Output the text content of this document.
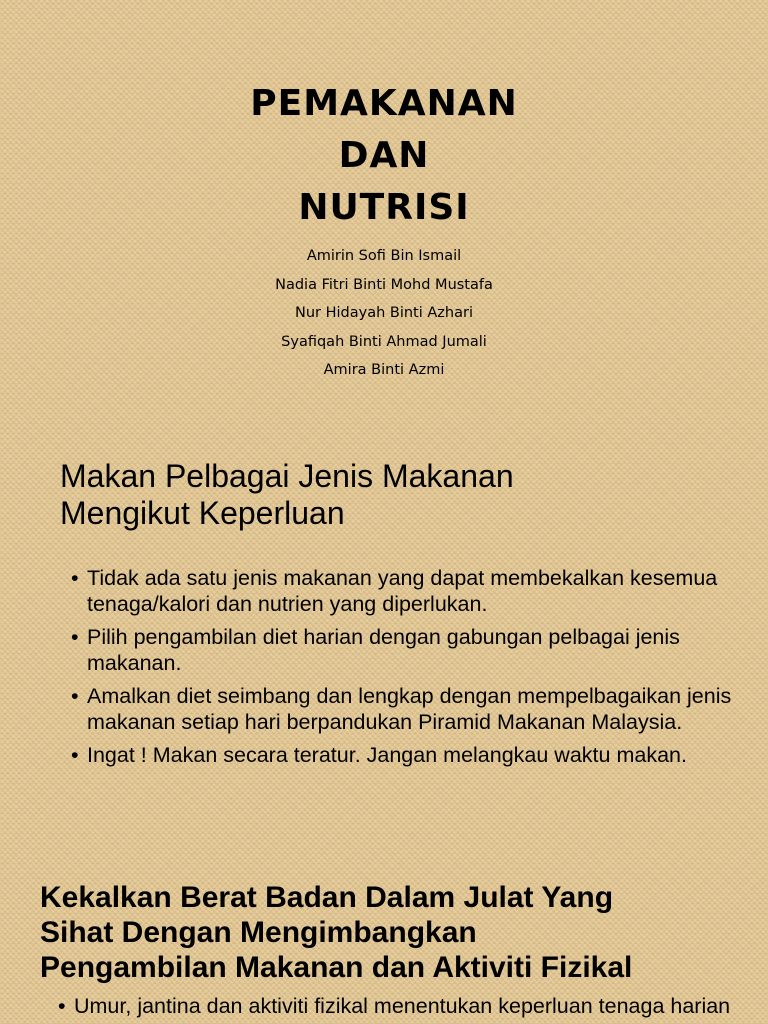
PEMAKANAN
DAN
NUTRISI
Amirin Sofi Bin Ismail
Nadia Fitri Binti Mohd Mustafa
Nur Hidayah Binti Azhari
Syafiqah Binti Ahmad Jumali
Amira Binti Azmi
Makan Pelbagai Jenis Makanan
Mengikut Keperluan
• Tidak ada satu jenis makanan yang dapat membekalkan kesemua tenaga/kalori dan nutrien yang diperlukan.
• Pilih pengambilan diet harian dengan gabungan pelbagai jenis makanan.
• Amalkan diet seimbang dan lengkap dengan mempelbagaikan jenis makanan setiap hari berpandukan Piramid Makanan Malaysia.
• Ingat ! Makan secara teratur. Jangan melangkau waktu makan.
Kekalkan Berat Badan Dalam Julat Yang
Sihat Dengan Mengimbangkan
Pengambilan Makanan dan Aktiviti Fizikal
• Umur, jantina dan aktiviti fizikal menentukan keperluan tenaga harian
